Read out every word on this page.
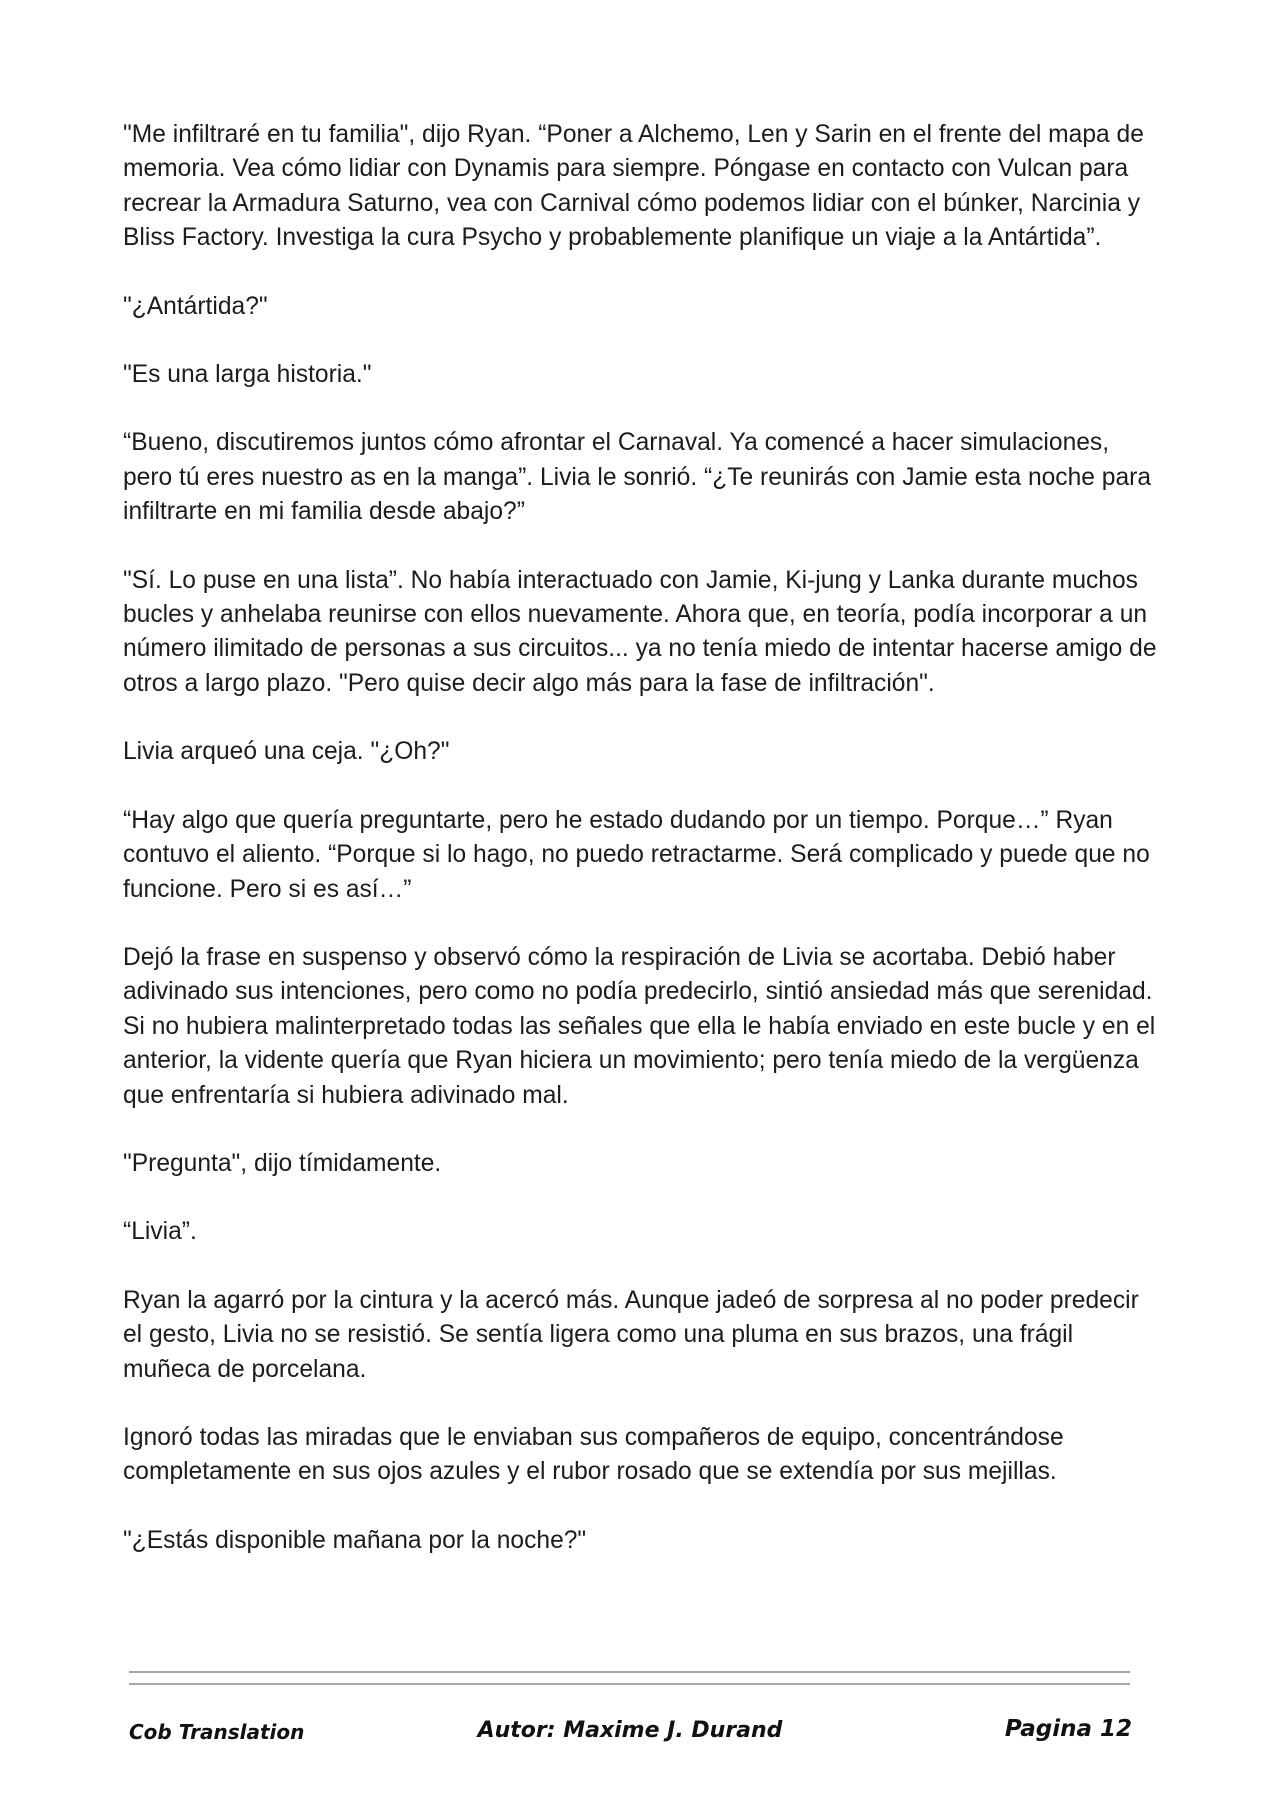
"Me infiltraré en tu familia", dijo Ryan. “Poner a Alchemo, Len y Sarin en el frente del mapa de memoria. Vea cómo lidiar con Dynamis para siempre. Póngase en contacto con Vulcan para recrear la Armadura Saturno, vea con Carnival cómo podemos lidiar con el búnker, Narcinia y Bliss Factory. Investiga la cura Psycho y probablemente planifique un viaje a la Antártida”.

"¿Antártida?"

"Es una larga historia."

“Bueno, discutiremos juntos cómo afrontar el Carnaval. Ya comencé a hacer simulaciones, pero tú eres nuestro as en la manga”. Livia le sonrió. “¿Te reunirás con Jamie esta noche para infiltrarte en mi familia desde abajo?”

"Sí. Lo puse en una lista”. No había interactuado con Jamie, Ki-jung y Lanka durante muchos bucles y anhelaba reunirse con ellos nuevamente. Ahora que, en teoría, podía incorporar a un número ilimitado de personas a sus circuitos... ya no tenía miedo de intentar hacerse amigo de otros a largo plazo. "Pero quise decir algo más para la fase de infiltración".

Livia arqueó una ceja. "¿Oh?"

“Hay algo que quería preguntarte, pero he estado dudando por un tiempo. Porque…” Ryan contuvo el aliento. “Porque si lo hago, no puedo retractarme. Será complicado y puede que no funcione. Pero si es así…”

Dejó la frase en suspenso y observó cómo la respiración de Livia se acortaba. Debió haber adivinado sus intenciones, pero como no podía predecirlo, sintió ansiedad más que serenidad. Si no hubiera malinterpretado todas las señales que ella le había enviado en este bucle y en el anterior, la vidente quería que Ryan hiciera un movimiento; pero tenía miedo de la vergüenza que enfrentaría si hubiera adivinado mal.

"Pregunta", dijo tímidamente.

“Livia”.

Ryan la agarró por la cintura y la acercó más. Aunque jadeó de sorpresa al no poder predecir el gesto, Livia no se resistió. Se sentía ligera como una pluma en sus brazos, una frágil muñeca de porcelana.

Ignoró todas las miradas que le enviaban sus compañeros de equipo, concentrándose completamente en sus ojos azules y el rubor rosado que se extendía por sus mejillas.

"¿Estás disponible mañana por la noche?"

Cob Translation	Autor: Maxime J. Durand	Pagina 12
